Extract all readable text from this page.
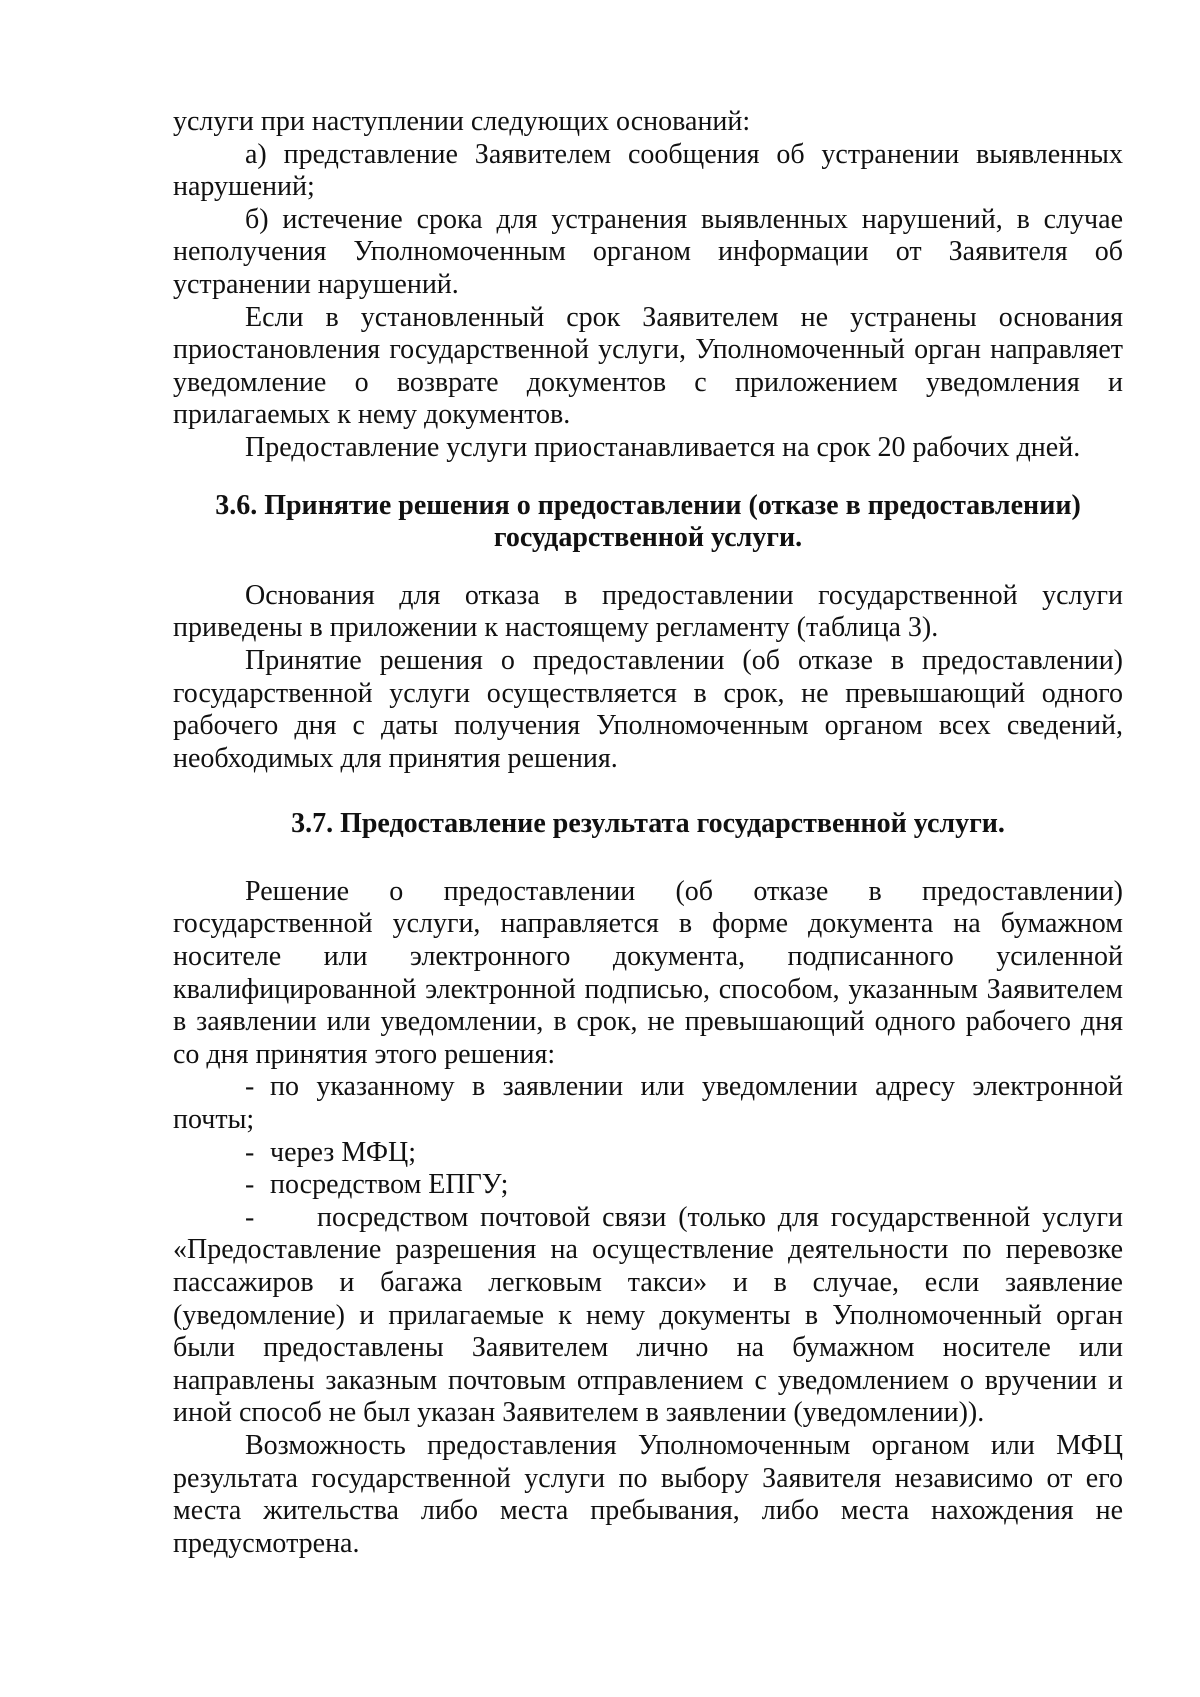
услуги при наступлении следующих оснований:

а) представление Заявителем сообщения об устранении выявленных нарушений;

б) истечение срока для устранения выявленных нарушений, в случае неполучения Уполномоченным органом информации от Заявителя об устранении нарушений.

Если в установленный срок Заявителем не устранены основания приостановления государственной услуги, Уполномоченный орган направляет уведомление о возврате документов с приложением уведомления и прилагаемых к нему документов.

Предоставление услуги приостанавливается на срок 20 рабочих дней.

3.6. Принятие решения о предоставлении (отказе в предоставлении)
государственной услуги.

Основания для отказа в предоставлении государственной услуги приведены в приложении к настоящему регламенту (таблица 3).

Принятие решения о предоставлении (об отказе в предоставлении) государственной услуги осуществляется в срок, не превышающий одного рабочего дня с даты получения Уполномоченным органом всех сведений, необходимых для принятия решения.

3.7. Предоставление результата государственной услуги.

Решение о предоставлении (об отказе в предоставлении) государственной услуги, направляется в форме документа на бумажном носителе или электронного документа, подписанного усиленной квалифицированной электронной подписью, способом, указанным Заявителем в заявлении или уведомлении, в срок, не превышающий одного рабочего дня со дня принятия этого решения:

- по указанному в заявлении или уведомлении адресу электронной почты;

- через МФЦ;

- посредством ЕПГУ;

- посредством почтовой связи (только для государственной услуги «Предоставление разрешения на осуществление деятельности по перевозке пассажиров и багажа легковым такси» и в случае, если заявление (уведомление) и прилагаемые к нему документы в Уполномоченный орган были предоставлены Заявителем лично на бумажном носителе или направлены заказным почтовым отправлением с уведомлением о вручении и иной способ не был указан Заявителем в заявлении (уведомлении)).

Возможность предоставления Уполномоченным органом или МФЦ результата государственной услуги по выбору Заявителя независимо от его места жительства либо места пребывания, либо места нахождения не предусмотрена.
